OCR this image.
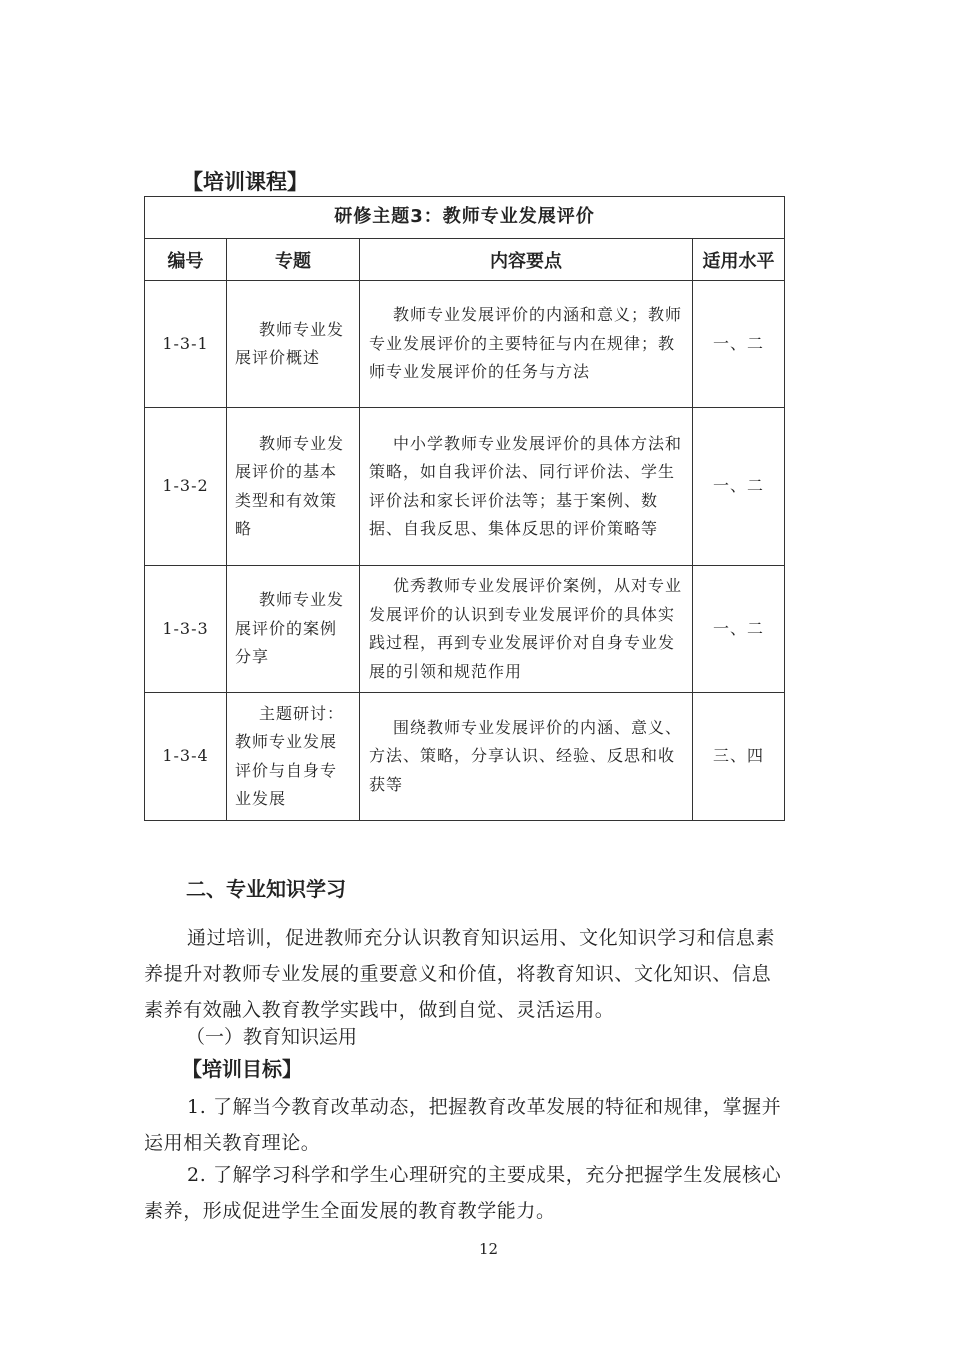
【培训课程】
研修主题3：教师专业发展评价			
编号	专题	内容要点	适用水平
1-3-1	教师专业发展评价概述	教师专业发展评价的内涵和意义；教师专业发展评价的主要特征与内在规律；教师专业发展评价的任务与方法	一、二
1-3-2	教师专业发展评价的基本类型和有效策略	中小学教师专业发展评价的具体方法和策略，如自我评价法、同行评价法、学生评价法和家长评价法等；基于案例、数据、自我反思、集体反思的评价策略等	一、二
1-3-3	教师专业发展评价的案例分享	优秀教师专业发展评价案例，从对专业发展评价的认识到专业发展评价的具体实践过程，再到专业发展评价对自身专业发展的引领和规范作用	一、二
1-3-4	主题研讨：教师专业发展评价与自身专业发展	围绕教师专业发展评价的内涵、意义、方法、策略，分享认识、经验、反思和收获等	三、四
二、专业知识学习
通过培训，促进教师充分认识教育知识运用、文化知识学习和信息素养提升对教师专业发展的重要意义和价值，将教育知识、文化知识、信息素养有效融入教育教学实践中，做到自觉、灵活运用。
（一）教育知识运用
【培训目标】
1. 了解当今教育改革动态，把握教育改革发展的特征和规律，掌握并运用相关教育理论。
2. 了解学习科学和学生心理研究的主要成果，充分把握学生发展核心素养，形成促进学生全面发展的教育教学能力。
12
